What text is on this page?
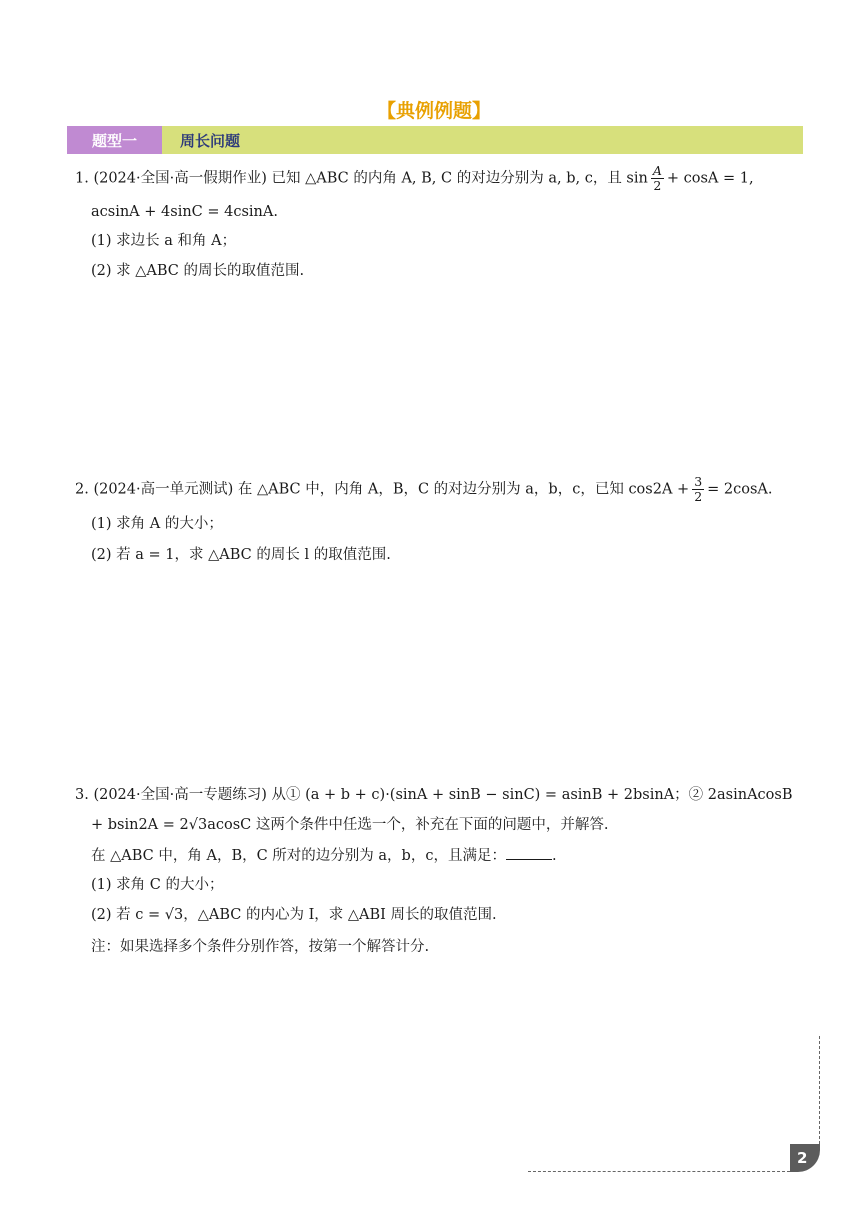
【典例例题】
题型一	周长问题
1. (2024·全国·高一假期作业) 已知 △ABC 的内角 A, B, C 的对边分别为 a, b, c，且 $\sin \frac{A}{2} + \cos A = 1$,
acsinA + 4sinC = 4csinA.
(1) 求边长 a 和角 A；
(2) 求 △ABC 的周长的取值范围.
2. (2024·高一单元测试) 在 △ABC 中，内角 A，B，C 的对边分别为 a，b，c，已知 $\cos 2A + \frac{3}{2} = 2\cos A$.
(1) 求角 A 的大小；
(2) 若 a = 1，求 △ABC 的周长 l 的取值范围.
3. (2024·全国·高一专题练习) 从① (a + b + c)·(sinA + sinB − sinC) = asinB + 2bsinA；② 2asinAcosB
+ bsin2A = 2√3acosC 这两个条件中任选一个，补充在下面的问题中，并解答.
在 △ABC 中，角 A，B，C 所对的边分别为 a，b，c，且满足：	.
(1) 求角 C 的大小；
(2) 若 c = √3，△ABC 的内心为 I，求 △ABI 周长的取值范围.
注：如果选择多个条件分别作答，按第一个解答计分.
2
